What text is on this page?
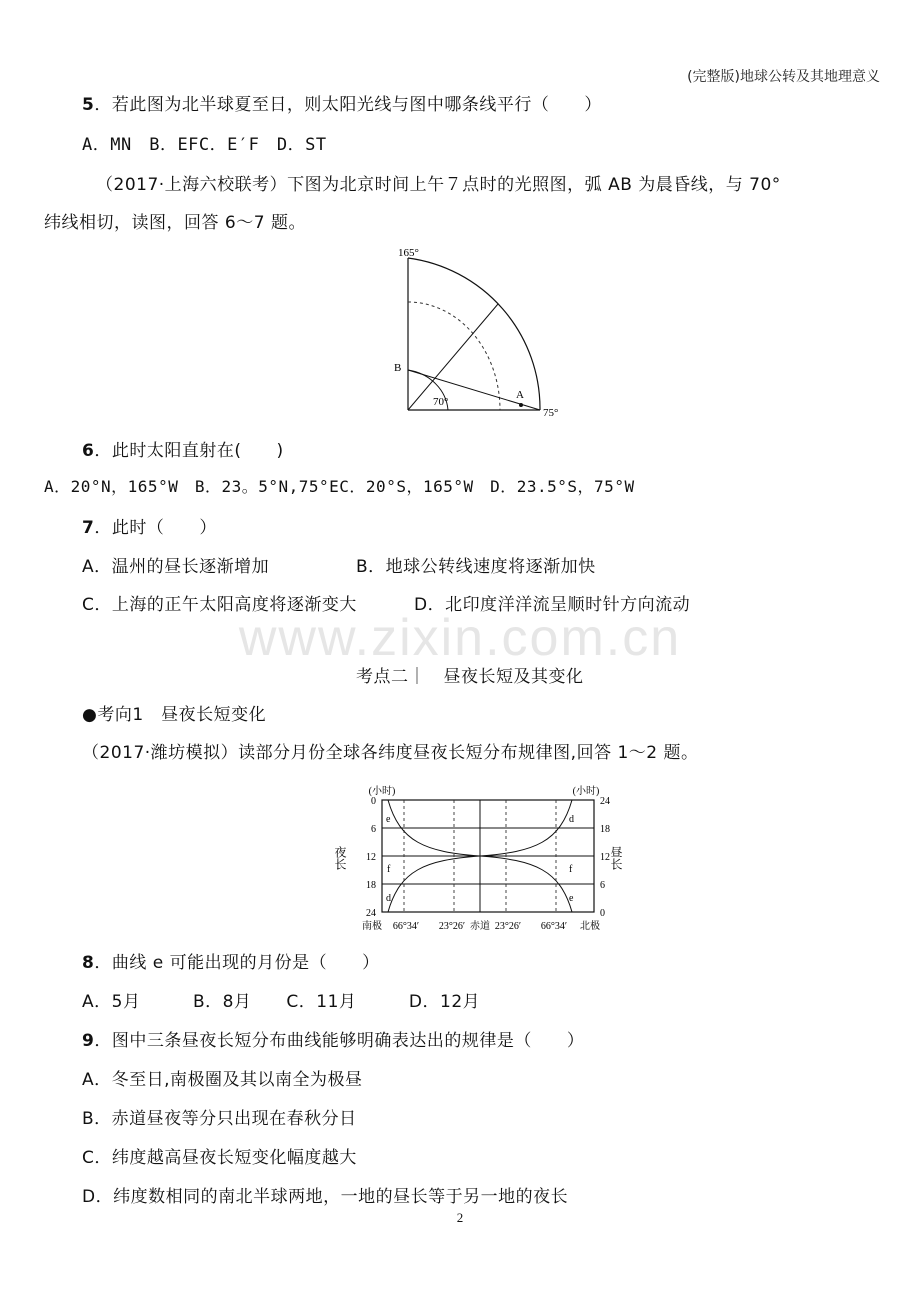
(完整版)地球公转及其地理意义
www.zixin.com.cn
5．若此图为北半球夏至日，则太阳光线与图中哪条线平行（　　）
A．MN　B．EFC．E′F　D．ST
（2017·上海六校联考）下图为北京时间上午７点时的光照图，弧 AB 为晨昏线，与 70°
纬线相切，读图，回答 6～7 题。
165°
75°
B
A
70°
6．此时太阳直射在(　　)
A．20°N，165°W　B．23。5°N,75°EC．20°S，165°W　D．23.5°S，75°W
7．此时（　　）
A．温州的昼长逐渐增加	B．地球公转线速度将逐渐加快
C．上海的正午太阳高度将逐渐变大	D．北印度洋洋流呈顺时针方向流动
考点二｜　昼夜长短及其变化
●考向1　昼夜长短变化
（2017·潍坊模拟）读部分月份全球各纬度昼夜长短分布规律图,回答 1～2 题。
(小时)	(小时)
0
6
12
18
24
24
18
12
6
0
夜长	昼长
e	d
f	f
d	e
南极 66°34′ 23°26′ 赤道 23°26′ 66°34′ 北极
8．曲线 e 可能出现的月份是（　　）
A．5月　　　B．8月　　C．11月　　　D．12月
9．图中三条昼夜长短分布曲线能够明确表达出的规律是（　　）
A．冬至日,南极圈及其以南全为极昼
B．赤道昼夜等分只出现在春秋分日
C．纬度越高昼夜长短变化幅度越大
D．纬度数相同的南北半球两地，一地的昼长等于另一地的夜长
2
